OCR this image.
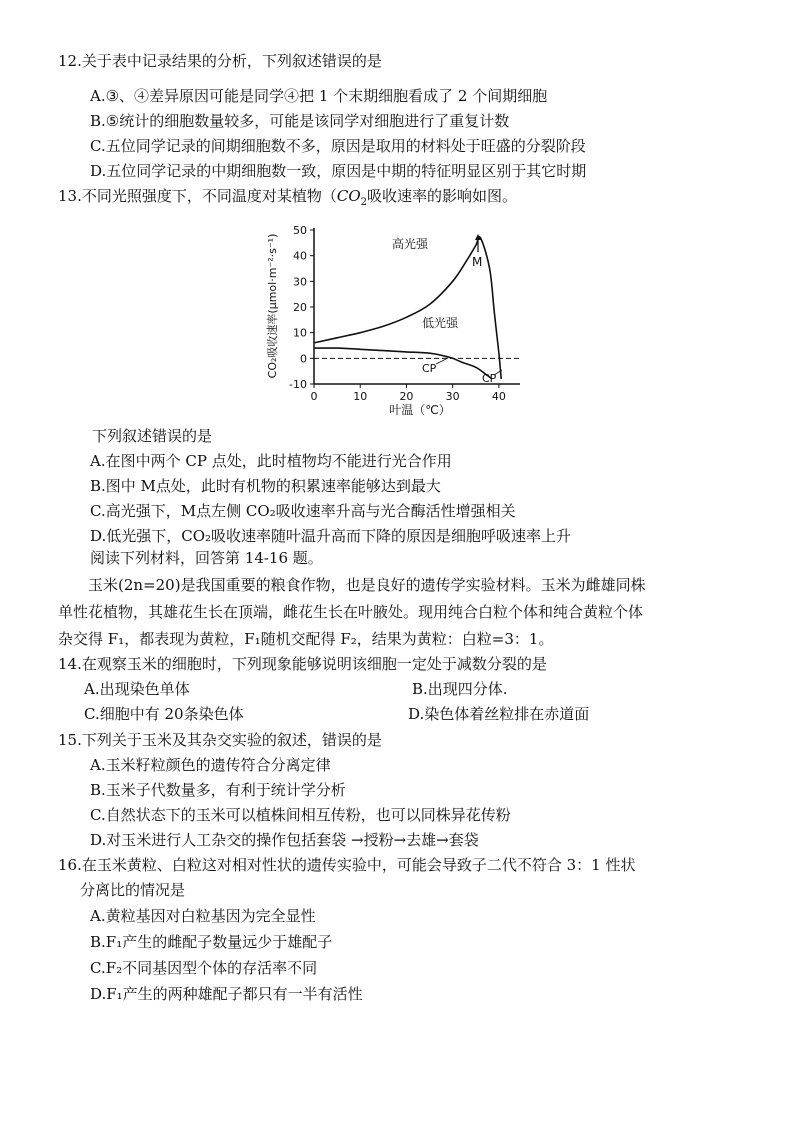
12.关于表中记录结果的分析，下列叙述错误的是
A.③、④差异原因可能是同学④把 1 个末期细胞看成了 2 个间期细胞
B.⑤统计的细胞数量较多，可能是该同学对细胞进行了重复计数
C.五位同学记录的间期细胞数不多，原因是取用的材料处于旺盛的分裂阶段
D.五位同学记录的中期细胞数一致，原因是中期的特征明显区别于其它时期
13.不同光照强度下，不同温度对某植物（$CO_2$吸收速率的影响如图。
50
40
30
20
10
0
-10
0	10	20	30	40
高光强
低光强
M
CP
CP
CO₂吸收速率(μmol·m⁻²·s⁻¹)
叶温（℃）
下列叙述错误的是
A.在图中两个 CP 点处，此时植物均不能进行光合作用
B.图中 M点处，此时有机物的积累速率能够达到最大
C.高光强下，M点左侧 CO₂吸收速率升高与光合酶活性增强相关
D.低光强下，CO₂吸收速率随叶温升高而下降的原因是细胞呼吸速率上升
阅读下列材料，回答第 14-16 题。
玉米(2n=20)是我国重要的粮食作物，也是良好的遗传学实验材料。玉米为雌雄同株
单性花植物，其雄花生长在顶端，雌花生长在叶腋处。现用纯合白粒个体和纯合黄粒个体
杂交得 F₁，都表现为黄粒，F₁随机交配得 F₂，结果为黄粒：白粒=3：1。
14.在观察玉米的细胞时，下列现象能够说明该细胞一定处于减数分裂的是
A.出现染色单体	B.出现四分体.
C.细胞中有 20条染色体	D.染色体着丝粒排在赤道面
15.下列关于玉米及其杂交实验的叙述，错误的是
A.玉米籽粒颜色的遗传符合分离定律
B.玉米子代数量多，有利于统计学分析
C.自然状态下的玉米可以植株间相互传粉，也可以同株异花传粉
D.对玉米进行人工杂交的操作包括套袋 →授粉→去雄→套袋
16.在玉米黄粒、白粒这对相对性状的遗传实验中，可能会导致子二代不符合 3：1 性状
分离比的情况是
A.黄粒基因对白粒基因为完全显性
B.F₁产生的雌配子数量远少于雄配子
C.F₂不同基因型个体的存活率不同
D.F₁产生的两种雄配子都只有一半有活性
